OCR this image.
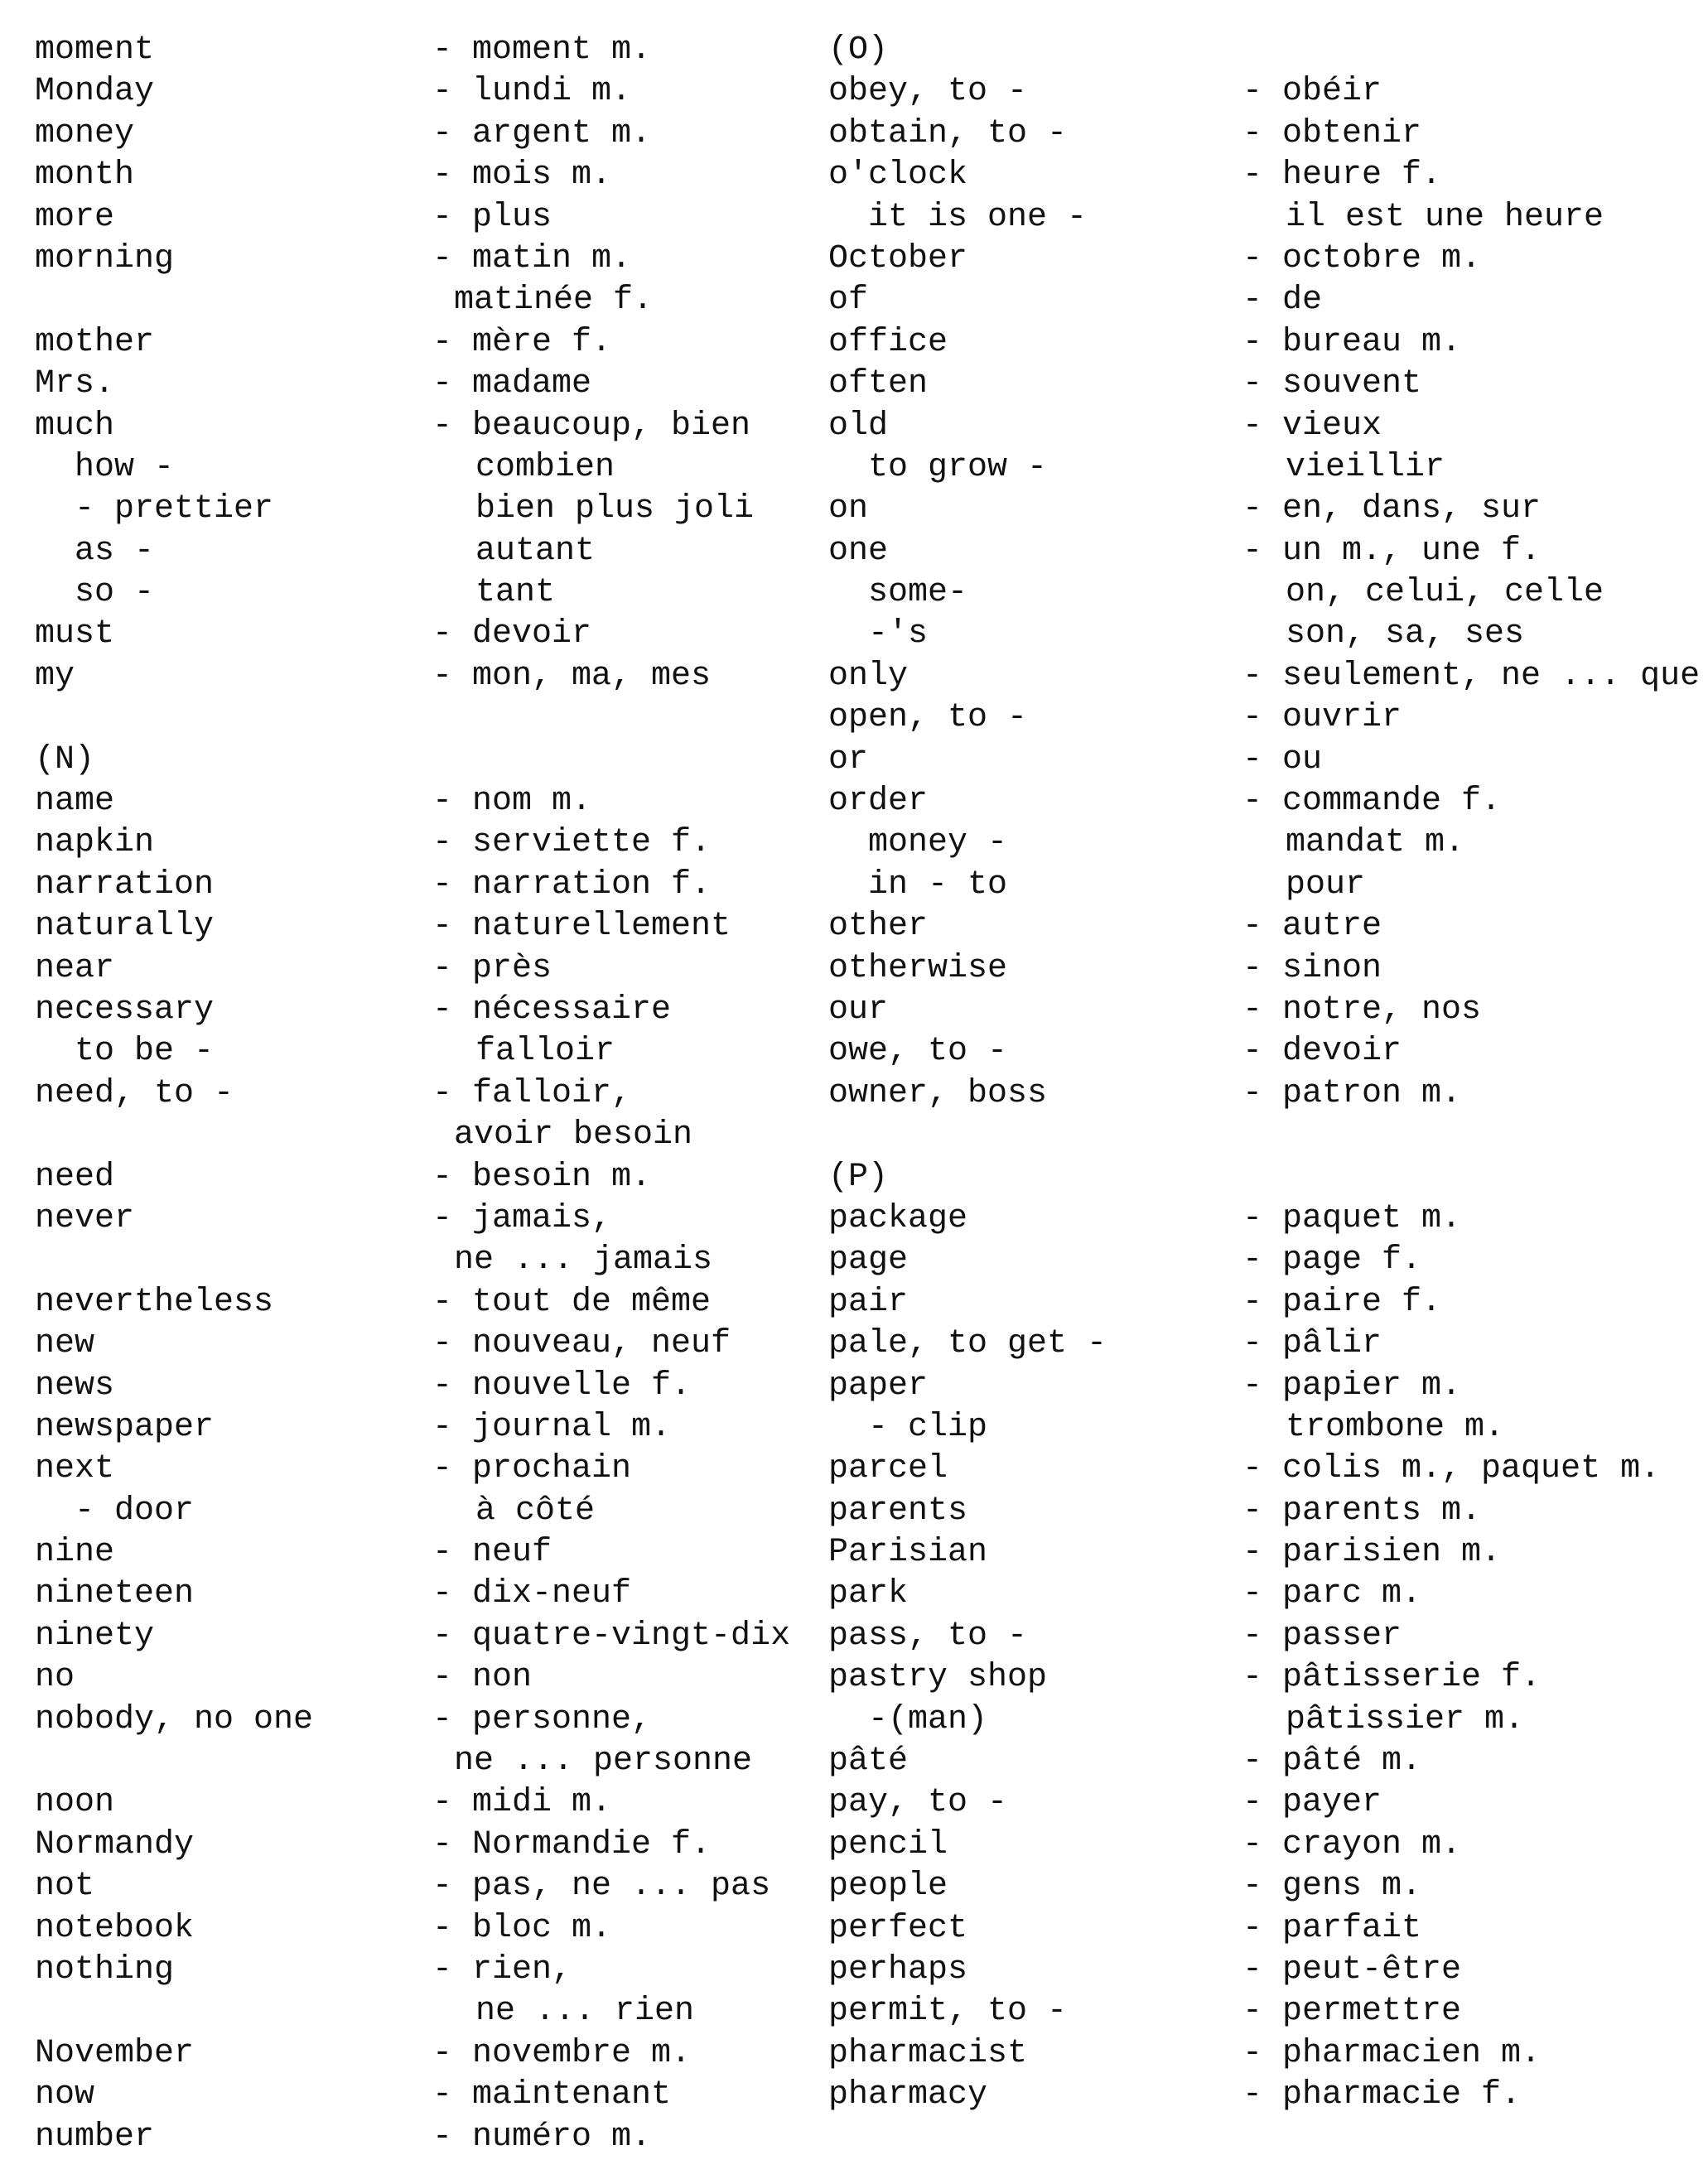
moment	- moment m.
Monday	- lundi m.
money	- argent m.
month	- mois m.
more	- plus
morning	- matin m.
matinée f.
mother	- mère f.
Mrs.	- madame
much	- beaucoup, bien
how -	combien
- prettier	bien plus joli
as -	autant
so -	tant
must	- devoir
my	- mon, ma, mes
(N)
name	- nom m.
napkin	- serviette f.
narration	- narration f.
naturally	- naturellement
near	- près
necessary	- nécessaire
to be -	falloir
need, to -	- falloir,
avoir besoin
need	- besoin m.
never	- jamais,
ne ... jamais
nevertheless	- tout de même
new	- nouveau, neuf
news	- nouvelle f.
newspaper	- journal m.
next	- prochain
- door	à côté
nine	- neuf
nineteen	- dix-neuf
ninety	- quatre-vingt-dix
no	- non
nobody, no one	- personne,
ne ... personne
noon	- midi m.
Normandy	- Normandie f.
not	- pas, ne ... pas
notebook	- bloc m.
nothing	- rien,
ne ... rien
November	- novembre m.
now	- maintenant
number	- numéro m.
(O)
obey, to -	- obéir
obtain, to -	- obtenir
o'clock	- heure f.
it is one -	il est une heure
October	- octobre m.
of	- de
office	- bureau m.
often	- souvent
old	- vieux
to grow -	vieillir
on	- en, dans, sur
one	- un m., une f.
some-	on, celui, celle
-'s	son, sa, ses
only	- seulement, ne ... que
open, to -	- ouvrir
or	- ou
order	- commande f.
money -	mandat m.
in - to	pour
other	- autre
otherwise	- sinon
our	- notre, nos
owe, to -	- devoir
owner, boss	- patron m.
(P)
package	- paquet m.
page	- page f.
pair	- paire f.
pale, to get -	- pâlir
paper	- papier m.
- clip	trombone m.
parcel	- colis m., paquet m.
parents	- parents m.
Parisian	- parisien m.
park	- parc m.
pass, to -	- passer
pastry shop	- pâtisserie f.
-(man)	pâtissier m.
pâté	- pâté m.
pay, to -	- payer
pencil	- crayon m.
people	- gens m.
perfect	- parfait
perhaps	- peut-être
permit, to -	- permettre
pharmacist	- pharmacien m.
pharmacy	- pharmacie f.
